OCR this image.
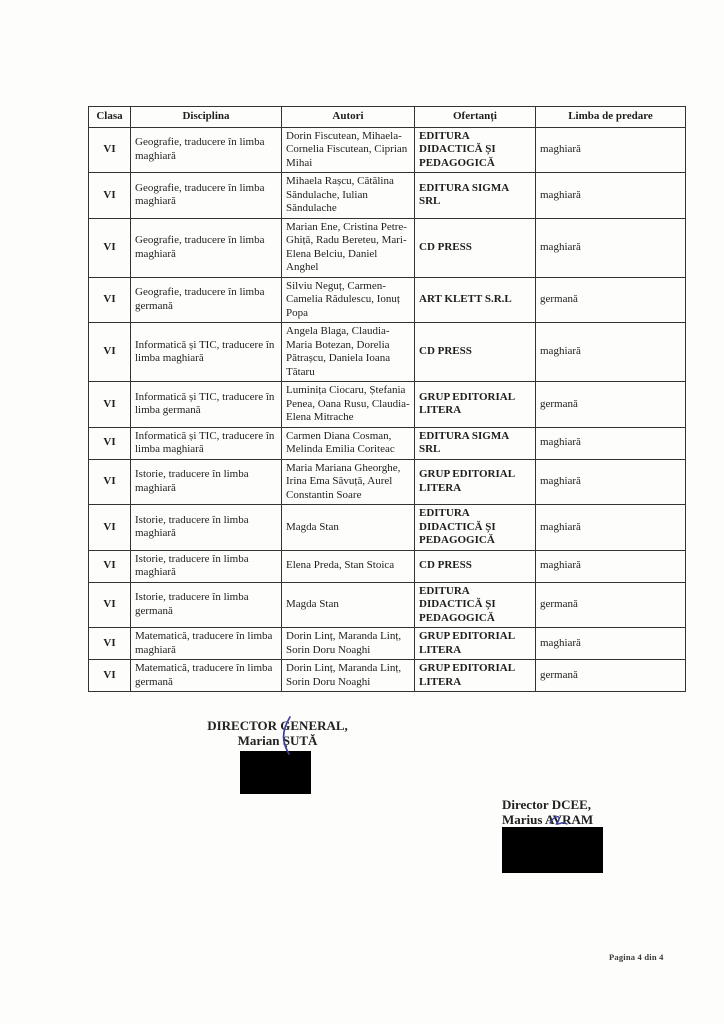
Clasa	Disciplina	Autori	Ofertanți	Limba de predare
VI	Geografie, traducere în limba maghiară	Dorin Fiscutean, Mihaela-Cornelia Fiscutean, Ciprian Mihai	EDITURA DIDACTICĂ ȘI PEDAGOGICĂ	maghiară
VI	Geografie, traducere în limba maghiară	Mihaela Rașcu, Cătălina Săndulache, Iulian Săndulache	EDITURA SIGMA SRL	maghiară
VI	Geografie, traducere în limba maghiară	Marian Ene, Cristina Petre-Ghiță, Radu Bereteu, Mari-Elena Belciu, Daniel Anghel	CD PRESS	maghiară
VI	Geografie, traducere în limba germană	Silviu Neguț, Carmen-Camelia Rădulescu, Ionuț Popa	ART KLETT S.R.L	germană
VI	Informatică și TIC, traducere în limba maghiară	Angela Blaga, Claudia-Maria Botezan, Dorelia Pătrașcu, Daniela Ioana Tătaru	CD PRESS	maghiară
VI	Informatică și TIC, traducere în limba germană	Luminița Ciocaru, Ștefania Penea, Oana Rusu, Claudia-Elena Mitrache	GRUP EDITORIAL LITERA	germană
VI	Informatică și TIC, traducere în limba maghiară	Carmen Diana Cosman, Melinda Emilia Coriteac	EDITURA SIGMA SRL	maghiară
VI	Istorie, traducere în limba maghiară	Maria Mariana Gheorghe, Irina Ema Săvuță, Aurel Constantin Soare	GRUP EDITORIAL LITERA	maghiară
VI	Istorie, traducere în limba maghiară	Magda Stan	EDITURA DIDACTICĂ ȘI PEDAGOGICĂ	maghiară
VI	Istorie, traducere în limba maghiară	Elena Preda, Stan Stoica	CD PRESS	maghiară
VI	Istorie, traducere în limba germană	Magda Stan	EDITURA DIDACTICĂ ȘI PEDAGOGICĂ	germană
VI	Matematică, traducere în limba maghiară	Dorin Linț, Maranda Linț, Sorin Doru Noaghi	GRUP EDITORIAL LITERA	maghiară
VI	Matematică, traducere în limba germană	Dorin Linț, Maranda Linț, Sorin Doru Noaghi	GRUP EDITORIAL LITERA	germană
DIRECTOR GENERAL,
Marian ȘUTĂ
Director DCEE,
Marius AVRAM
Pagina 4 din 4
